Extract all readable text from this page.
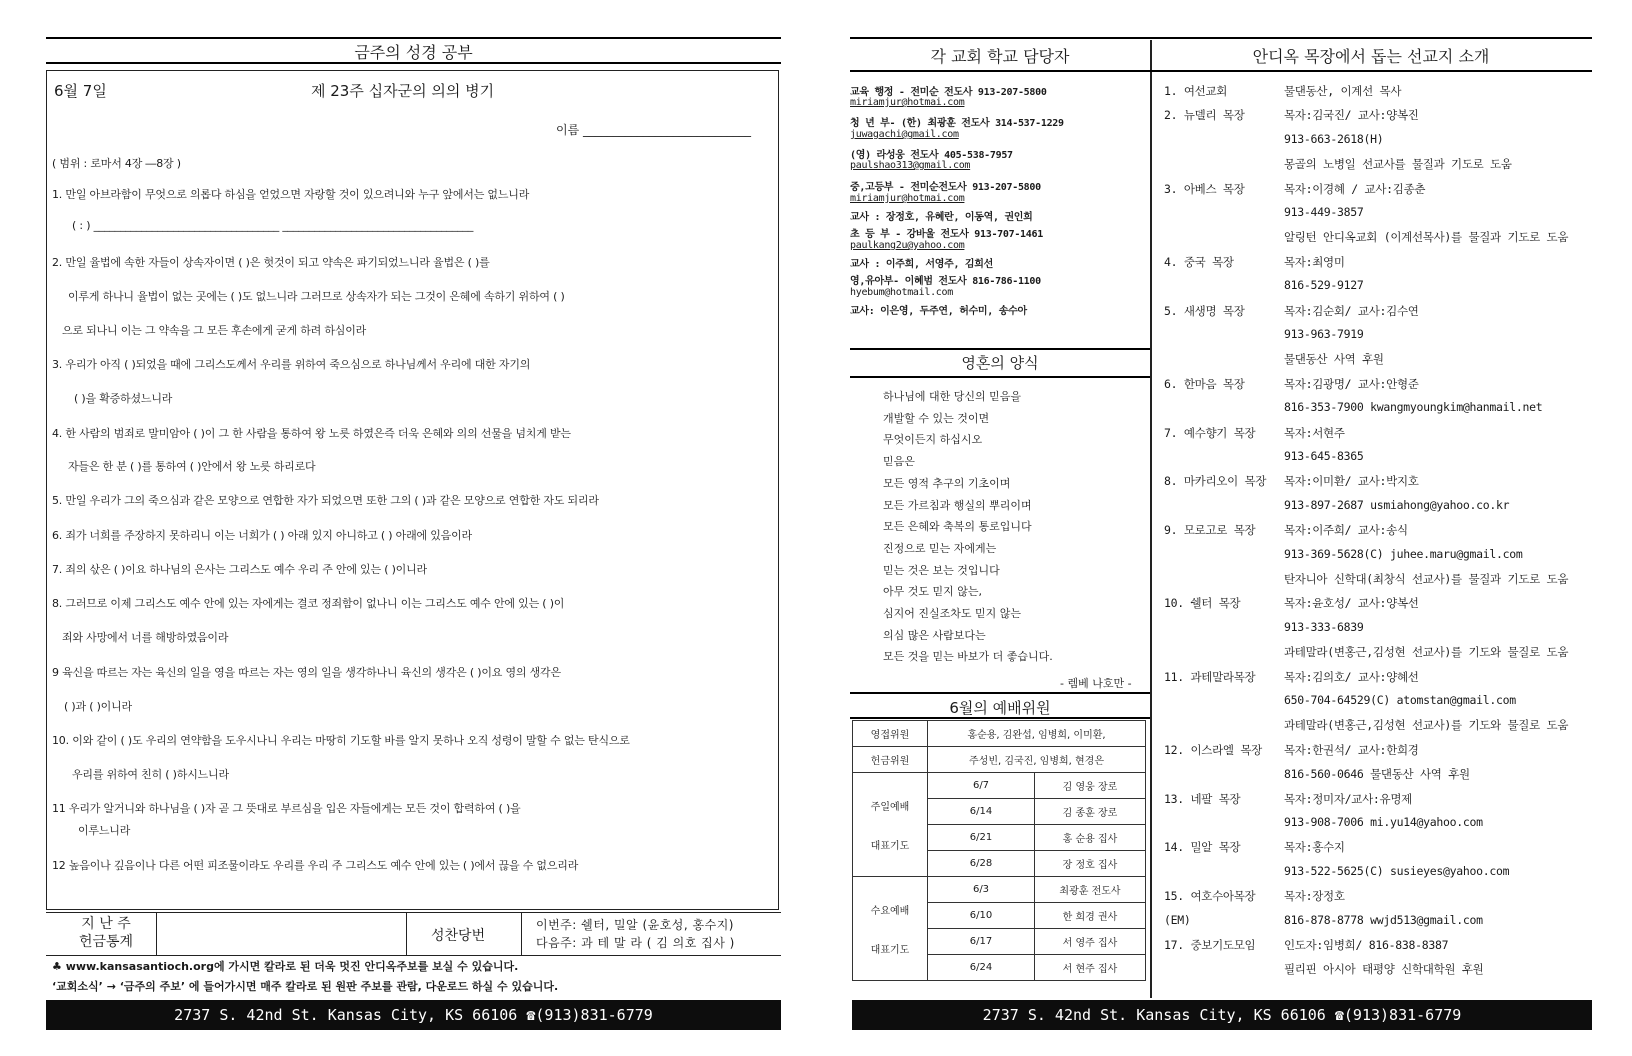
금주의 성경 공부
6월 7일	제 23주 십자군의 의의 병기
이름 ____________________________
( 범위 : 로마서 4장 ―8장 )
1. 만일 아브라함이 무엇으로 의롭다 하심을 얻었으면 자랑할 것이 있으려니와 누구 앞에서는 없느니라
( : ) ___________________________________ ____________________________________
2. 만일 율법에 속한 자들이 상속자이면 ( )은 헛것이 되고 약속은 파기되었느니라 율법은 ( )를
이루게 하나니 율법이 없는 곳에는 ( )도 없느니라 그러므로 상속자가 되는 그것이 은혜에 속하기 위하여 ( )
으로 되나니 이는 그 약속을 그 모든 후손에게 굳게 하려 하심이라
3. 우리가 아직 ( )되었을 때에 그리스도께서 우리를 위하여 죽으심으로 하나님께서 우리에 대한 자기의
( )을 확증하셨느니라
4. 한 사람의 범죄로 말미암아 ( )이 그 한 사람을 통하여 왕 노릇 하였은즉 더욱 은혜와 의의 선물을 넘치게 받는
자들은 한 분 ( )를 통하여 ( )안에서 왕 노릇 하리로다
5. 만일 우리가 그의 죽으심과 같은 모양으로 연합한 자가 되었으면 또한 그의 ( )과 같은 모양으로 연합한 자도 되리라
6. 죄가 너희를 주장하지 못하리니 이는 너희가 ( ) 아래 있지 아니하고 ( ) 아래에 있음이라
7. 죄의 삯은 ( )이요 하나님의 은사는 그리스도 예수 우리 주 안에 있는 ( )이니라
8. 그러므로 이제 그리스도 예수 안에 있는 자에게는 결코 정죄함이 없나니 이는 그리스도 예수 안에 있는 ( )이
죄와 사망에서 너를 해방하였음이라
9 육신을 따르는 자는 육신의 일을 영을 따르는 자는 영의 일을 생각하나니 육신의 생각은 ( )이요 영의 생각은
( )과 ( )이니라
10. 이와 같이 ( )도 우리의 연약함을 도우시나니 우리는 마땅히 기도할 바를 알지 못하나 오직 성령이 말할 수 없는 탄식으로
우리를 위하여 친히 ( )하시느니라
11 우리가 알거니와 하나님을 ( )자 곧 그 뜻대로 부르심을 입은 자들에게는 모든 것이 합력하여 ( )을
이루느니라
12 높음이나 깊음이나 다른 어떤 피조물이라도 우리를 우리 주 그리스도 예수 안에 있는 ( )에서 끊을 수 없으리라
지 난 주
헌금통계	성찬당번
이번주: 쉘터, 밀알 (윤호성, 홍수지)
다음주: 과 테 말 라 ( 김 의호 집사 )
♣ www.kansasantioch.org에 가시면 칼라로 된 더욱 멋진 안디옥주보를 보실 수 있습니다.
‘교회소식’ → ‘금주의 주보’ 에 들어가시면 매주 칼라로 된 원판 주보를 관람, 다운로드 하실 수 있습니다.
2737 S. 42nd St. Kansas City, KS 66106 ☎(913)831-6779
각 교회 학교 담당자	안디옥 목장에서 돕는 선교지 소개
교육 행정 - 전미순 전도사 913-207-5800
miriamjur@hotmai.com
청 년 부- (한) 최광훈 전도사 314-537-1229
juwagachi@gmail.com
(영) 라성웅 전도사 405-538-7957
paulshao313@gmail.com
중,고등부 - 전미순전도사 913-207-5800
miriamjur@hotmai.com
교사 : 장정호, 유혜란, 이동역, 권인희
초 등 부 - 강바울 전도사 913-707-1461
paulkang2u@yahoo.com
교사 : 이주희, 서영주, 김희선
영,유아부- 이혜범 전도사 816-786-1100
hyebum@hotmail.com
교사: 이은영, 두주연, 허수미, 송수아
영혼의 양식
하나님에 대한 당신의 믿음을
개발할 수 있는 것이면
무엇이든지 하십시오
믿음은
모든 영적 추구의 기초이며
모든 가르침과 행실의 뿌리이며
모든 은혜와 축복의 통로입니다
진정으로 믿는 자에게는
믿는 것은 보는 것입니다
아무 것도 믿지 않는,
심지어 진실조차도 믿지 않는
의심 많은 사람보다는
모든 것을 믿는 바보가 더 좋습니다.
- 렘베 나호만 -
6월의 예배위원
영접위원	홍순용, 김완섭, 임병희, 이미환,	
헌금위원	주성빈, 김국진, 임병희, 현경은	

주일예배
대표기도	6/7	김 영웅 장로
	6/14	김 종훈 장로
	6/21	홍 순용 집사
	6/28	장 정호 집사

수요예배
대표기도	6/3	최광훈 전도사
	6/10	한 희경 권사
	6/17	서 영주 집사
	6/24	서 현주 집사
1. 여선교회	물댄동산, 이계선 목사
2. 뉴델리 목장	목자:김국진/ 교사:양복진
913-663-2618(H)
몽골의 노병일 선교사를 물질과 기도로 도움
3. 아베스 목장	목자:이경혜 / 교사:김종춘
913-449-3857
알링턴 안디옥교회 (이계선목사)를 물질과 기도로 도움
4. 중국 목장	목자:최영미
816-529-9127
5. 새생명 목장	목자:김순회/ 교사:김수연
913-963-7919
물댄동산 사역 후원
6. 한마음 목장	목자:김광명/ 교사:안형준
816-353-7900 kwangmyoungkim@hanmail.net
7. 예수향기 목장 목자:서현주
913-645-8365
8. 마카리오이 목장 목자:이미환/ 교사:박지호
913-897-2687 usmiahong@yahoo.co.kr
9. 모로고로 목장 목자:이주희/ 교사:송식
913-369-5628(C) juhee.maru@gmail.com
탄자니아 신학대(최창식 선교사)를 물질과 기도로 도움
10. 쉘터 목장	목자:윤호성/ 교사:양복선
913-333-6839
과테말라(변홍근,김성현 선교사)를 기도와 물질로 도움
11. 과테말라목장 목자:김의호/ 교사:양혜선
650-704-64529(C) atomstan@gmail.com
과테말라(변홍근,김성현 선교사)를 기도와 물질로 도움
12. 이스라엘 목장 목자:한권석/ 교사:한희경
816-560-0646 물댄동산 사역 후원
13. 네팔 목장	목자:정미자/교사:유명제
913-908-7006 mi.yu14@yahoo.com
14. 밀알 목장	목자:홍수지
913-522-5625(C) susieyes@yahoo.com
15. 여호수아목장 목자:장정호
(EM)	816-878-8778 wwjd513@gmail.com
17. 중보기도모임 인도자:임병희/ 816-838-8387
필리핀 아시아 태평양 신학대학원 후원
2737 S. 42nd St. Kansas City, KS 66106 ☎(913)831-6779
